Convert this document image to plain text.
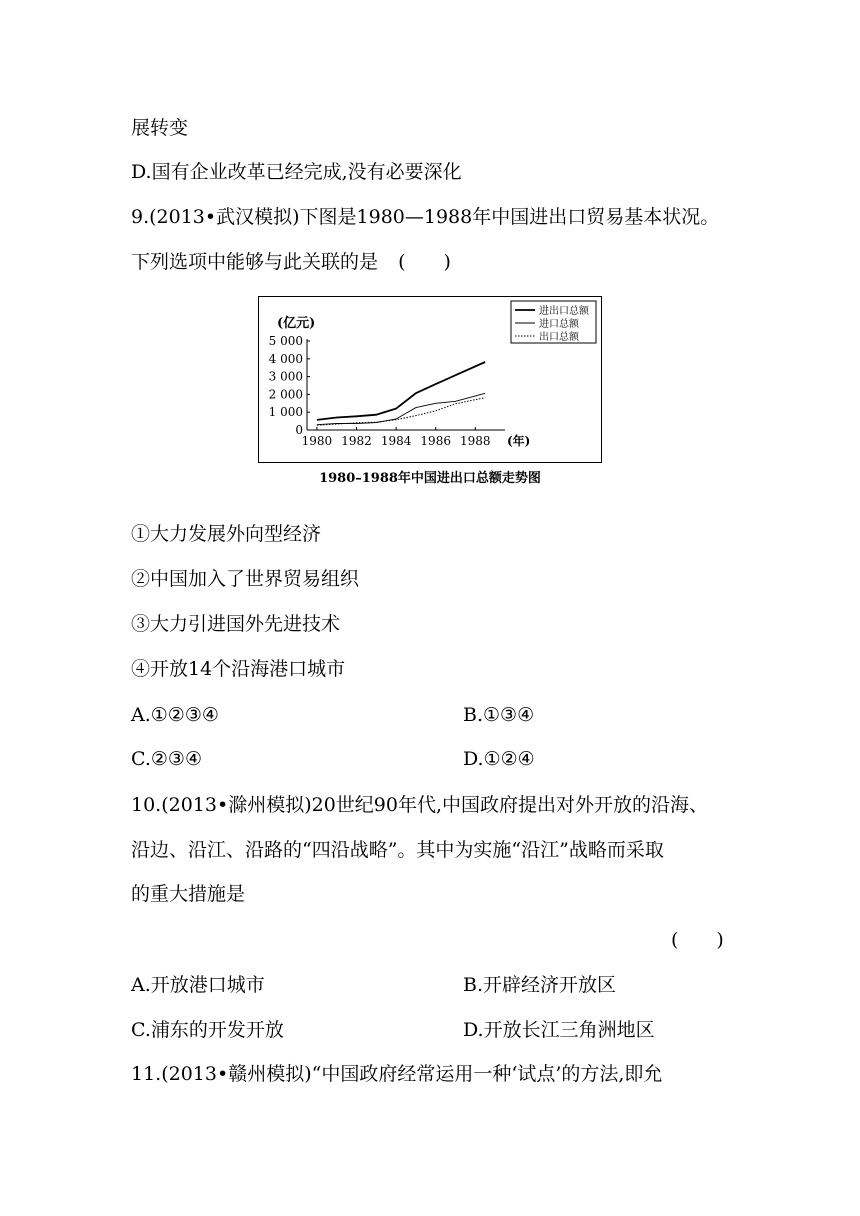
展转变
D.国有企业改革已经完成,没有必要深化
9.(2013•武汉模拟)下图是1980—1988年中国进出口贸易基本状况。
下列选项中能够与此关联的是 (　　)
0
1 000
2 000
3 000
4 000
5 000
1980 1982 1984 1986 1988
(亿元)
(年)
进出口总额
进口总额
出口总额
1980–1988年中国进出口总额走势图
①大力发展外向型经济
②中国加入了世界贸易组织
③大力引进国外先进技术
④开放14个沿海港口城市
A.①②③④	B.①③④
C.②③④	D.①②④
10.(2013•滁州模拟)20世纪90年代,中国政府提出对外开放的沿海、
沿边、沿江、沿路的“四沿战略”。其中为实施“沿江”战略而采取
的重大措施是
(　　)
A.开放港口城市	B.开辟经济开放区
C.浦东的开发开放	D.开放长江三角洲地区
11.(2013•赣州模拟)“中国政府经常运用一种‘试点’的方法,即允
